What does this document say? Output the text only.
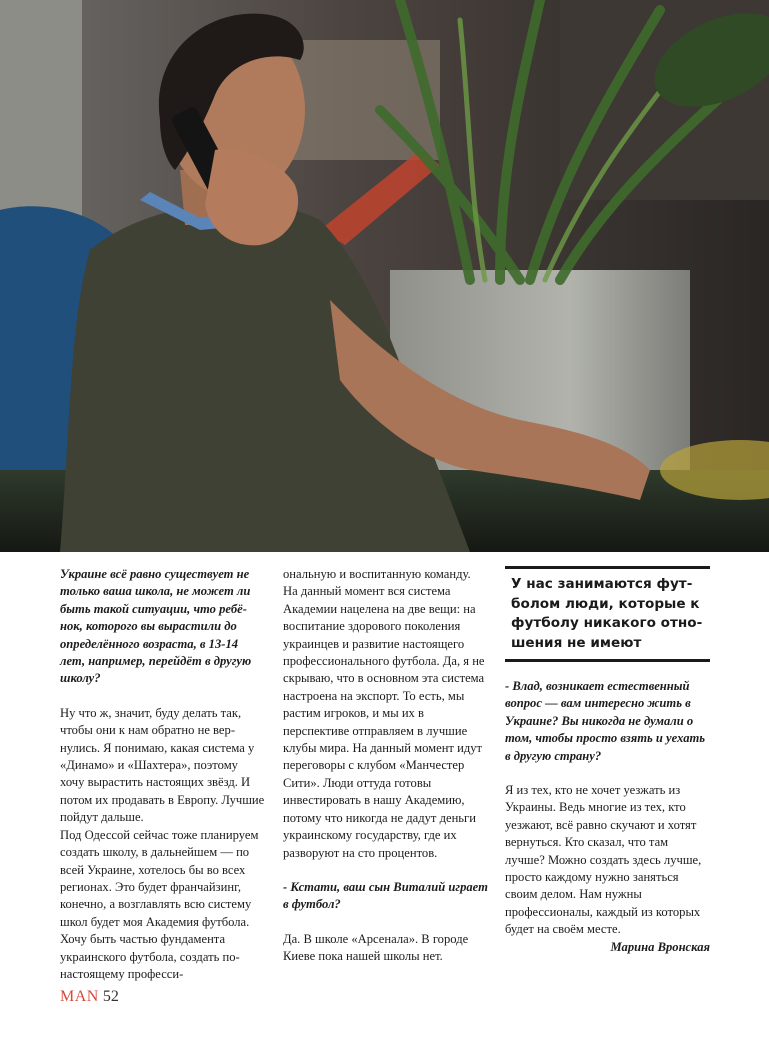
Украине всё равно существует не только ваша школа, не может ли быть такой ситуации, что ребёнок, которого вы вырастили до определённого возраста, в 13-14 лет, например, перейдёт в другую школу?

Ну что ж, значит, буду делать так, чтобы они к нам обратно не вернулись. Я понимаю, какая система у «Динамо» и «Шахтера», поэтому хочу вырастить настоящих звёзд. И потом их продавать в Европу. Лучшие пойдут дальше.

Под Одессой сейчас тоже планируем создать школу, в дальнейшем — по всей Украине, хотелось бы во всех регионах. Это будет франчайзинг, конечно, а возглавлять всю систему школ будет моя Академия футбола. Хочу быть частью фундамента украинского футбола, создать по-настоящему професси-

ональную и воспитанную команду. На данный момент вся система Академии нацелена на две вещи: на воспитание здорового поколения украинцев и развитие настоящего профессионального футбола. Да, я не скрываю, что в основном эта система настроена на экспорт. То есть, мы растим игроков, и мы их в перспективе отправляем в лучшие клубы мира. На данный момент идут переговоры с клубом «Манчестер Сити». Люди оттуда готовы инвестировать в нашу Академию, потому что никогда не дадут деньги украинскому государству, где их разворуют на сто процентов.

- Кстати, ваш сын Виталий играет в футбол?

Да. В школе «Арсенала». В городе Киеве пока нашей школы нет.

У нас занимаются футболом люди, которые к футболу никакого отношения не имеют

- Влад, возникает естественный вопрос — вам интересно жить в Украине? Вы никогда не думали о том, чтобы просто взять и уехать в другую страну?

Я из тех, кто не хочет уезжать из Украины. Ведь многие из тех, кто уезжают, всё равно скучают и хотят вернуться. Кто сказал, что там лучше? Можно создать здесь лучше, просто каждому нужно заняться своим делом. Нам нужны профессионалы, каждый из которых будет на своём месте.

Марина Вронская

MAN 52
